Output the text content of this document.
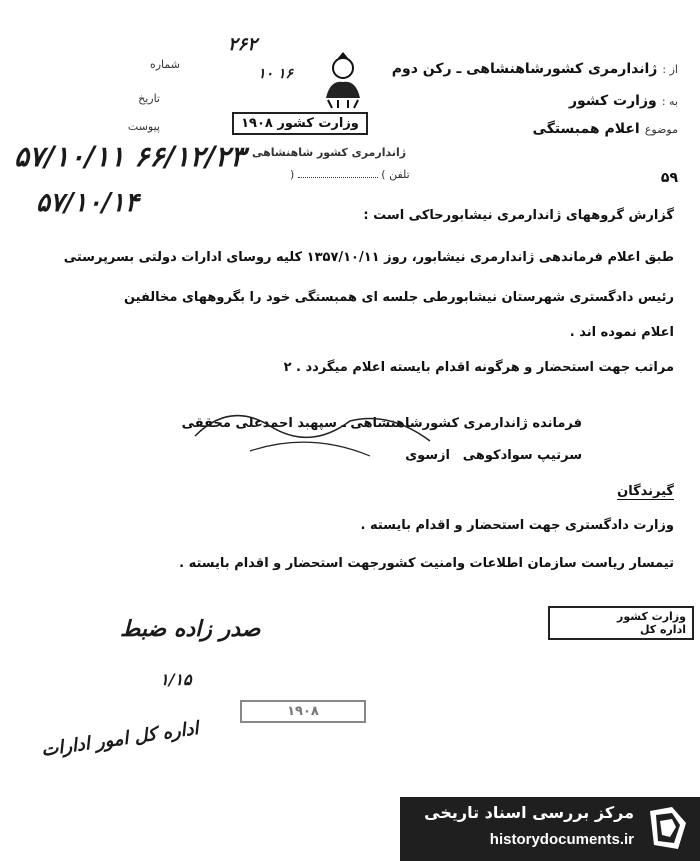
شماره
تاریخ
پیوست
۲۶۲
۱۰ ۱۶	از : ژاندارمری کشورشاهنشاهی ـ رکن دوم
به : وزارت کشور
موضوع اعلام همبستگی
وزارت کشور ۱۹۰۸
ژاندارمری کشور شاهنشاهی
)	( تلفن
۵۷/۱۰/۱۱ ۶۶/۱۲/۲۳
۵۷/۱۰/۱۴
۵۹
گزارش گروههای ژاندارمری نیشابورحاکی است :
طبق اعلام فرماندهی ژاندارمری نیشابور، روز ۱۳۵۷/۱۰/۱۱ کلیه روسای ادارات دولتی بسرپرستی
رئیس دادگستری شهرستان نیشابورطی جلسه ای همبستگی خود را بگروههای مخالفین
اعلام نموده اند .
مراتب جهت استحضار و هرگونه اقدام بایسته اعلام میگردد . ۲
فرمانده ژاندارمری کشورشاهنشاهی ـ سپهبد احمدعلی محققی
ازسوی سرتیپ سوادکوهی
گیرندگان
وزارت دادگستری جهت استحضار و اقدام بایسته .
تیمسار ریاست سازمان اطلاعات وامنیت کشورجهت استحضار و اقدام بایسته .
وزارت کشور
اداره کل
صدر زاده ضبط
۱/۱۵
اداره کل امور ادارات
۱۹۰۸
مرکز بررسی اسناد تاریخی
historydocuments.ir
